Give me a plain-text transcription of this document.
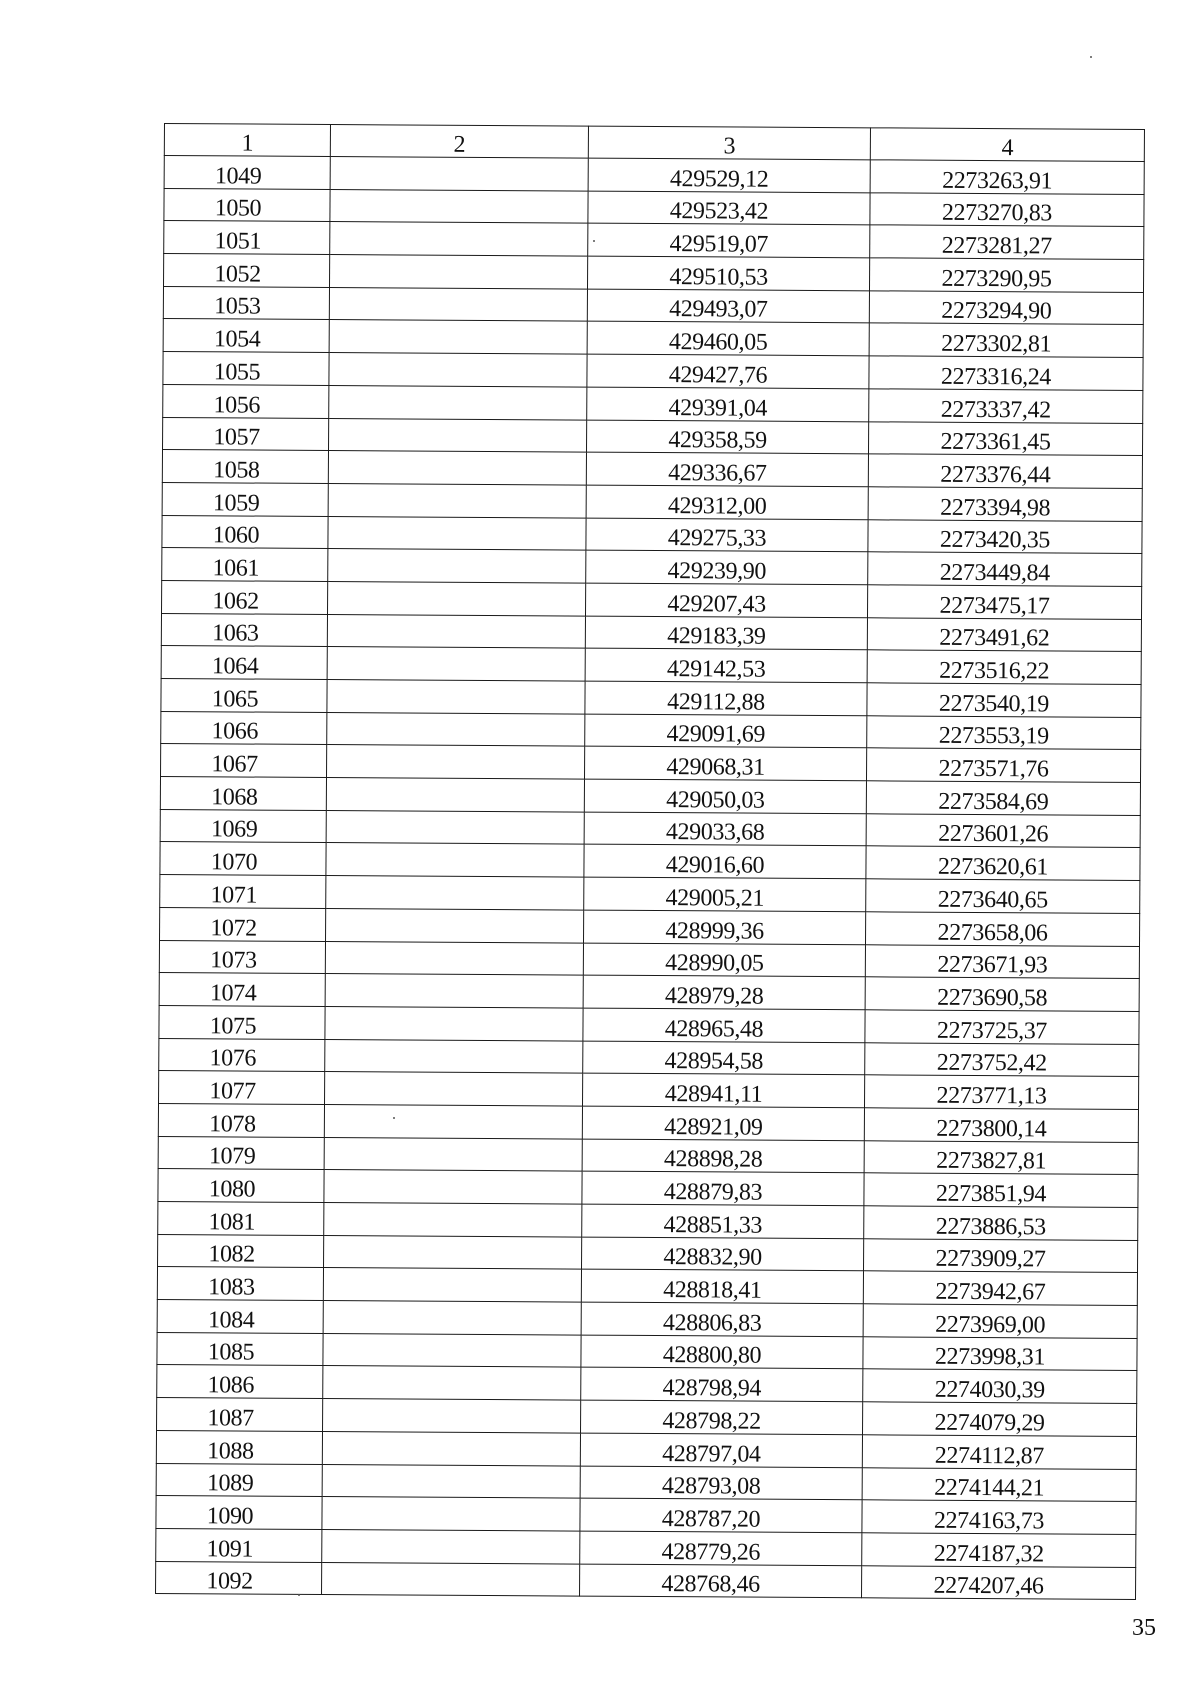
1	2	3	4
1049		429529,12	2273263,91
1050		429523,42	2273270,83
1051		429519,07	2273281,27
1052		429510,53	2273290,95
1053		429493,07	2273294,90
1054		429460,05	2273302,81
1055		429427,76	2273316,24
1056		429391,04	2273337,42
1057		429358,59	2273361,45
1058		429336,67	2273376,44
1059		429312,00	2273394,98
1060		429275,33	2273420,35
1061		429239,90	2273449,84
1062		429207,43	2273475,17
1063		429183,39	2273491,62
1064		429142,53	2273516,22
1065		429112,88	2273540,19
1066		429091,69	2273553,19
1067		429068,31	2273571,76
1068		429050,03	2273584,69
1069		429033,68	2273601,26
1070		429016,60	2273620,61
1071		429005,21	2273640,65
1072		428999,36	2273658,06
1073		428990,05	2273671,93
1074		428979,28	2273690,58
1075		428965,48	2273725,37
1076		428954,58	2273752,42
1077		428941,11	2273771,13
1078		428921,09	2273800,14
1079		428898,28	2273827,81
1080		428879,83	2273851,94
1081		428851,33	2273886,53
1082		428832,90	2273909,27
1083		428818,41	2273942,67
1084		428806,83	2273969,00
1085		428800,80	2273998,31
1086		428798,94	2274030,39
1087		428798,22	2274079,29
1088		428797,04	2274112,87
1089		428793,08	2274144,21
1090		428787,20	2274163,73
1091		428779,26	2274187,32
1092		428768,46	2274207,46
35
